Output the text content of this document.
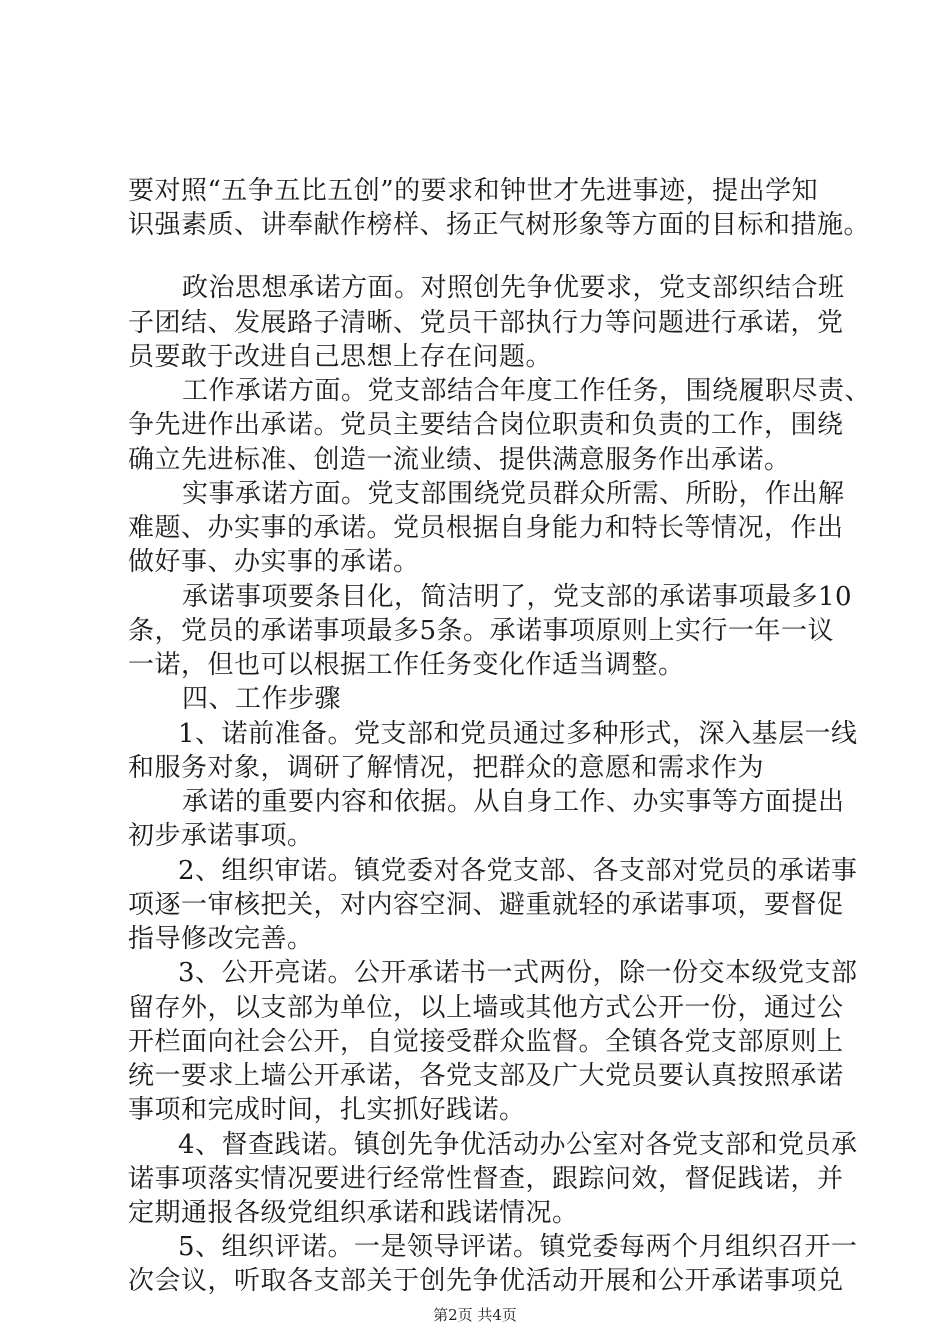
要对照“五争五比五创”的要求和钟世才先进事迹，提出学知
识强素质、讲奉献作榜样、扬正气树形象等方面的目标和措施。
政治思想承诺方面。对照创先争优要求，党支部织结合班
子团结、发展路子清晰、党员干部执行力等问题进行承诺，党
员要敢于改进自己思想上存在问题。
工作承诺方面。党支部结合年度工作任务，围绕履职尽责、
争先进作出承诺。党员主要结合岗位职责和负责的工作，围绕
确立先进标准、创造一流业绩、提供满意服务作出承诺。
实事承诺方面。党支部围绕党员群众所需、所盼，作出解
难题、办实事的承诺。党员根据自身能力和特长等情况，作出
做好事、办实事的承诺。
承诺事项要条目化，简洁明了，党支部的承诺事项最多10
条，党员的承诺事项最多5条。承诺事项原则上实行一年一议
一诺，但也可以根据工作任务变化作适当调整。
四、工作步骤
1、诺前准备。党支部和党员通过多种形式，深入基层一线
和服务对象，调研了解情况，把群众的意愿和需求作为
承诺的重要内容和依据。从自身工作、办实事等方面提出
初步承诺事项。
2、组织审诺。镇党委对各党支部、各支部对党员的承诺事
项逐一审核把关，对内容空洞、避重就轻的承诺事项，要督促
指导修改完善。
3、公开亮诺。公开承诺书一式两份，除一份交本级党支部
留存外，以支部为单位，以上墙或其他方式公开一份，通过公
开栏面向社会公开，自觉接受群众监督。全镇各党支部原则上
统一要求上墙公开承诺，各党支部及广大党员要认真按照承诺
事项和完成时间，扎实抓好践诺。
4、督查践诺。镇创先争优活动办公室对各党支部和党员承
诺事项落实情况要进行经常性督查，跟踪问效，督促践诺，并
定期通报各级党组织承诺和践诺情况。
5、组织评诺。一是领导评诺。镇党委每两个月组织召开一
次会议，听取各支部关于创先争优活动开展和公开承诺事项兑
第2页 共4页
